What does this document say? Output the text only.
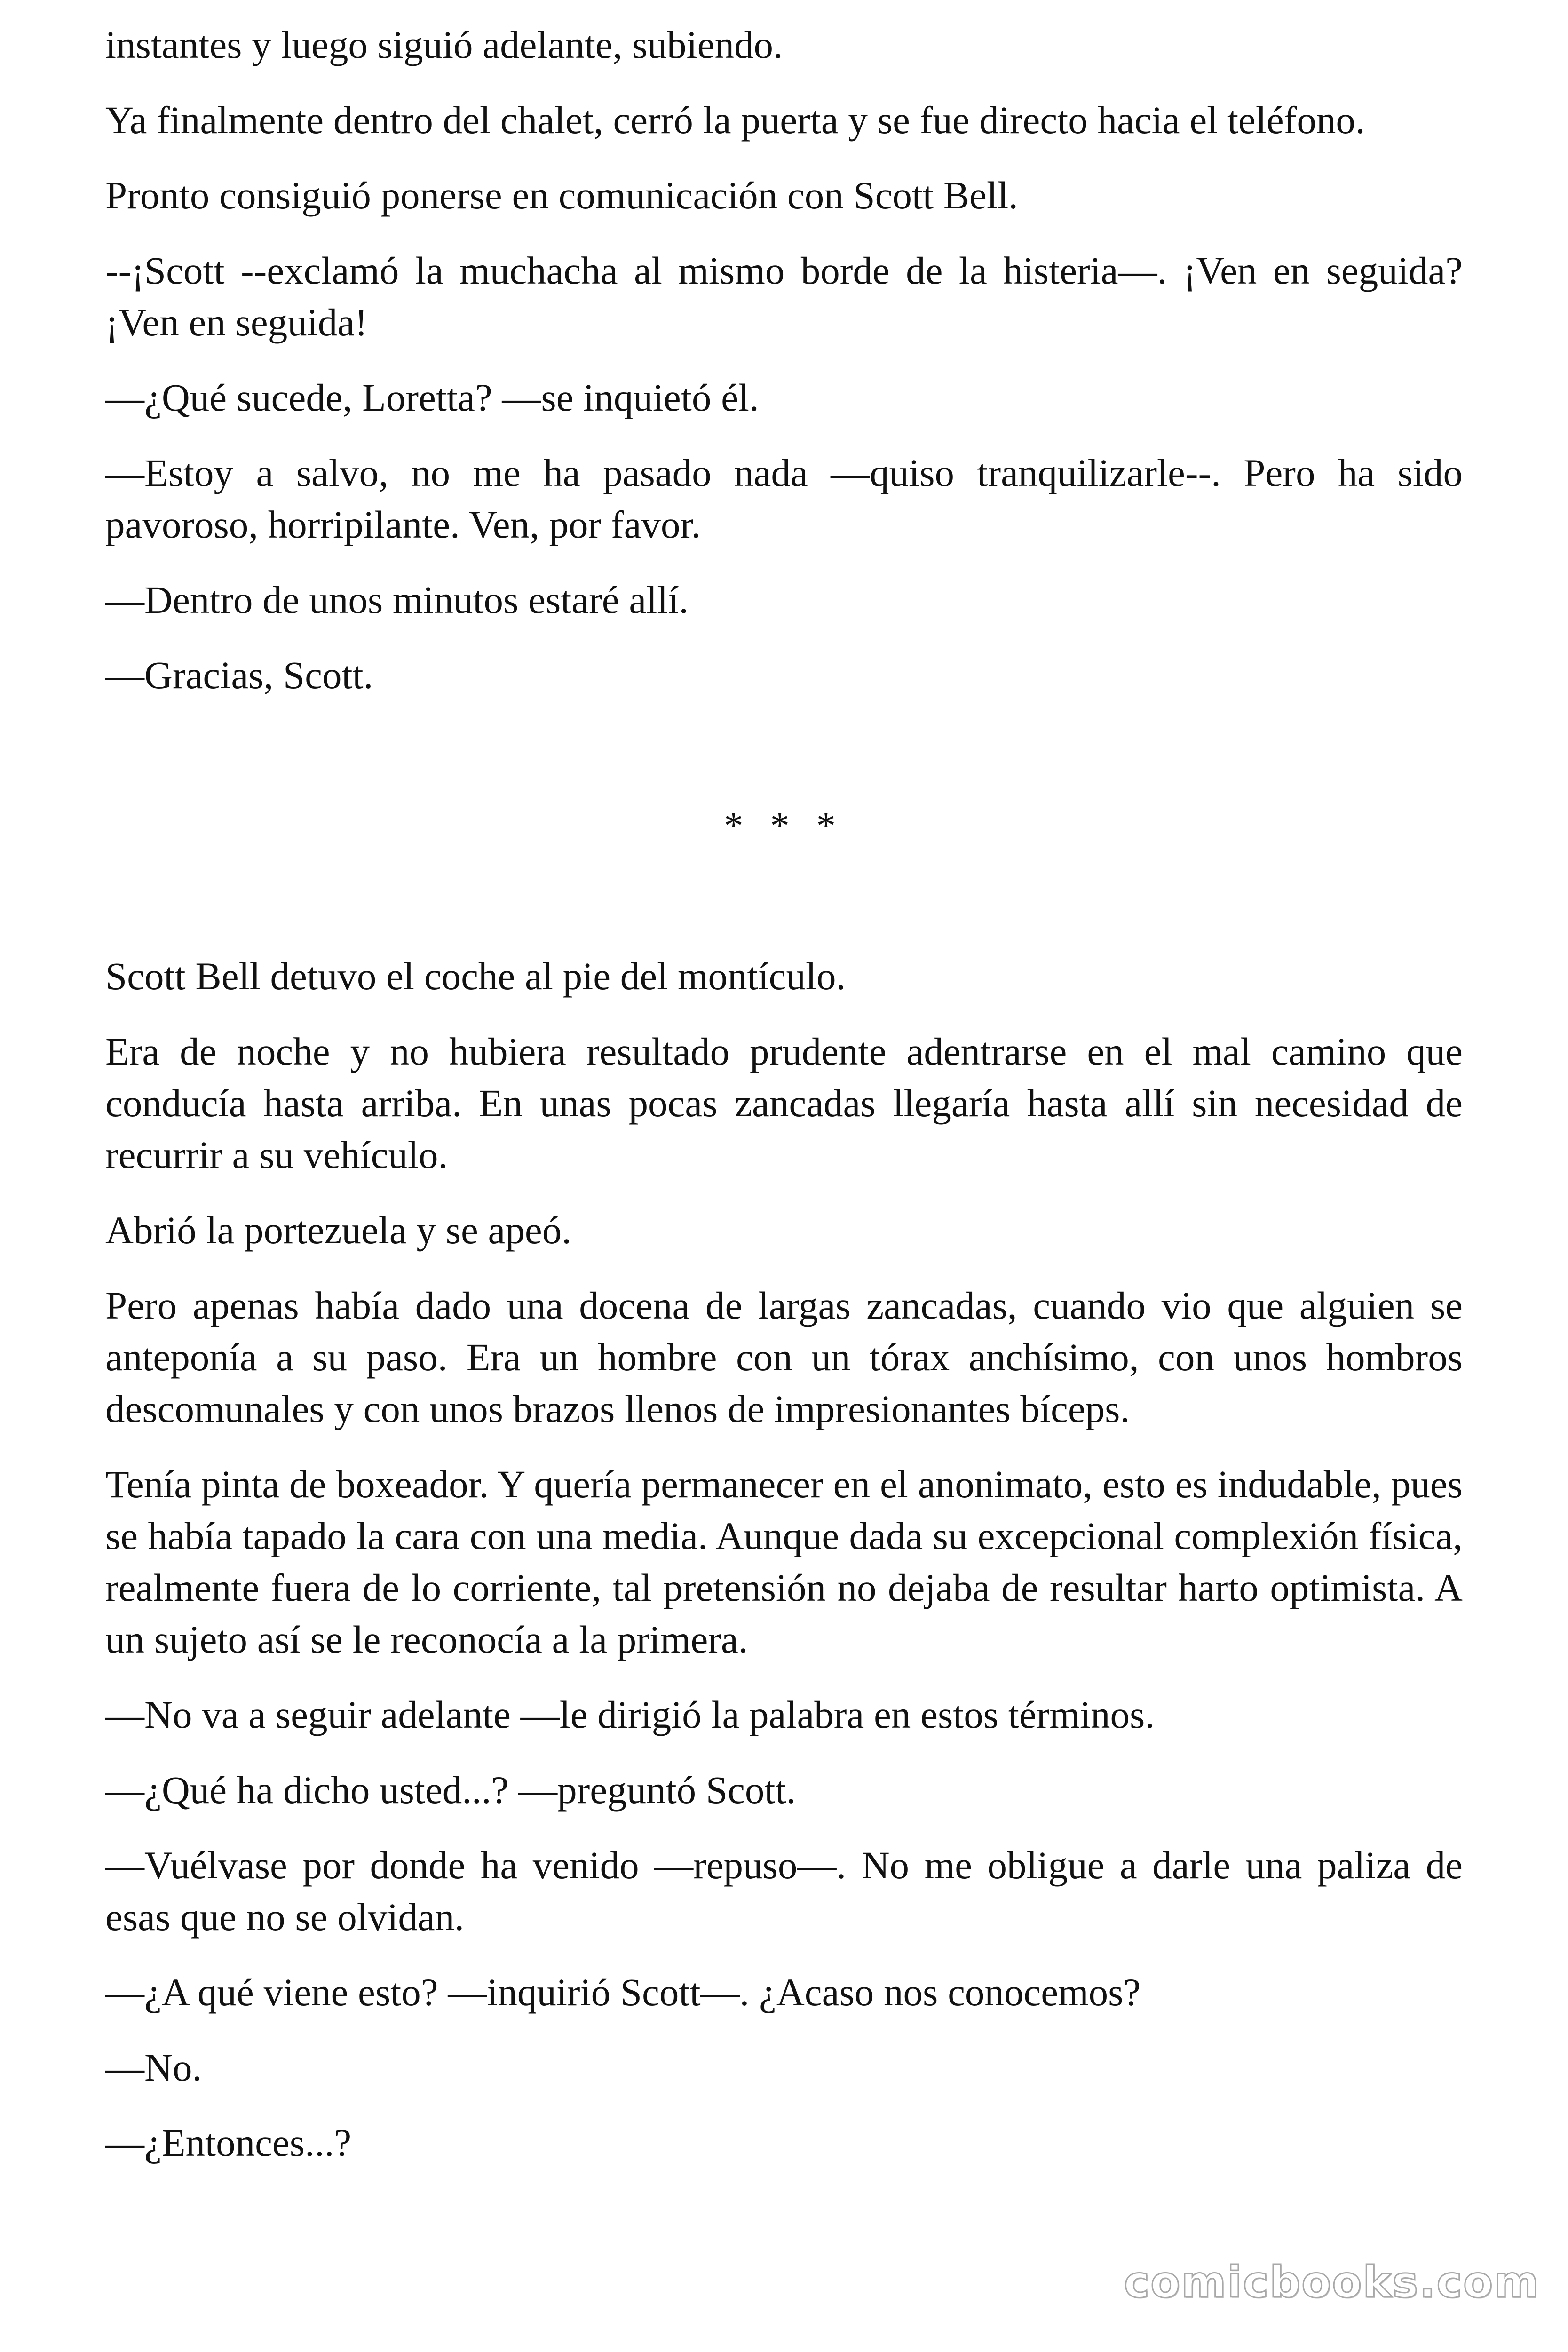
instantes y luego siguió adelante, subiendo.

Ya finalmente dentro del chalet, cerró la puerta y se fue directo hacia el teléfono.

Pronto consiguió ponerse en comunicación con Scott Bell.

--¡Scott --exclamó la muchacha al mismo borde de la histeria—. ¡Ven en seguida? ¡Ven en seguida!

—¿Qué sucede, Loretta? —se inquietó él.

—Estoy a salvo, no me ha pasado nada —quiso tranquilizarle--. Pero ha sido pavoroso, horripilante. Ven, por favor.

—Dentro de unos minutos estaré allí.

—Gracias, Scott.

* * *

Scott Bell detuvo el coche al pie del montículo.

Era de noche y no hubiera resultado prudente adentrarse en el mal camino que conducía hasta arriba. En unas pocas zancadas llegaría hasta allí sin necesidad de recurrir a su vehículo.

Abrió la portezuela y se apeó.

Pero apenas había dado una docena de largas zancadas, cuando vio que alguien se anteponía a su paso. Era un hombre con un tórax anchísimo, con unos hombros descomunales y con unos brazos llenos de impresionantes bíceps.

Tenía pinta de boxeador. Y quería permanecer en el anonimato, esto es indudable, pues se había tapado la cara con una media. Aunque dada su excepcional complexión física, realmente fuera de lo corriente, tal pretensión no dejaba de resultar harto optimista. A un sujeto así se le reconocía a la primera.

—No va a seguir adelante —le dirigió la palabra en estos términos.

—¿Qué ha dicho usted...? —preguntó Scott.

—Vuélvase por donde ha venido —repuso—. No me obligue a darle una paliza de esas que no se olvidan.

—¿A qué viene esto? —inquirió Scott—. ¿Acaso nos conocemos?

—No.

—¿Entonces...?

comicbooks.com
